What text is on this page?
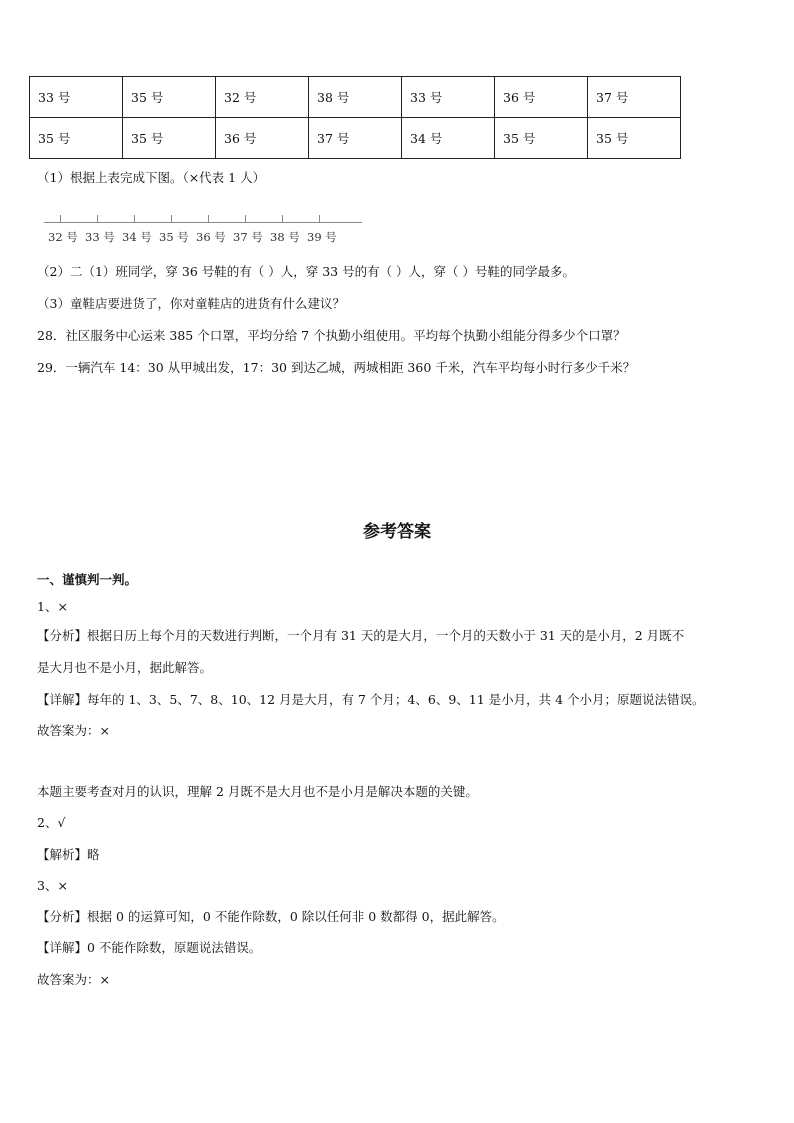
33 号	35 号	32 号	38 号	33 号	36 号	37 号
35 号	35 号	36 号	37 号	34 号	35 号	35 号
（1）根据上表完成下图。（×代表 1 人）
32 号 33 号 34 号 35 号 36 号 37 号 38 号 39 号
（2）二（1）班同学，穿 36 号鞋的有（ ）人，穿 33 号的有（ ）人，穿（ ）号鞋的同学最多。
（3）童鞋店要进货了，你对童鞋店的进货有什么建议？
28．社区服务中心运来 385 个口罩，平均分给 7 个执勤小组使用。平均每个执勤小组能分得多少个口罩？
29．一辆汽车 14：30 从甲城出发，17：30 到达乙城，两城相距 360 千米，汽车平均每小时行多少千米？
参考答案
一、谨慎判一判。
1、×
【分析】根据日历上每个月的天数进行判断，一个月有 31 天的是大月，一个月的天数小于 31 天的是小月，2 月既不
是大月也不是小月，据此解答。
【详解】每年的 1、3、5、7、8、10、12 月是大月，有 7 个月；4、6、9、11 是小月，共 4 个小月；原题说法错误。
故答案为：×
本题主要考查对月的认识，理解 2 月既不是大月也不是小月是解决本题的关键。
2、√
【解析】略
3、×
【分析】根据 0 的运算可知，0 不能作除数，0 除以任何非 0 数都得 0，据此解答。
【详解】0 不能作除数，原题说法错误。
故答案为：×
